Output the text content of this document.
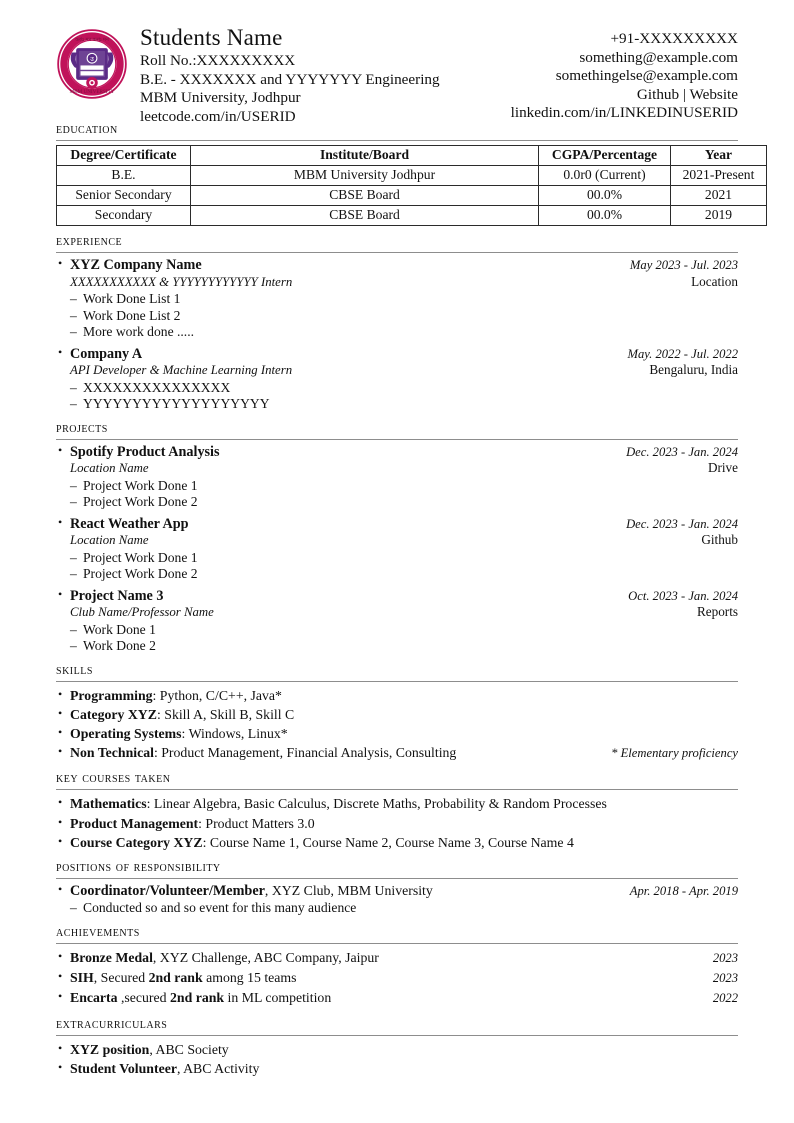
करե मन करե मन
MBM UNIVERSITY
उ
Students Name
Roll No.:XXXXXXXXX
B.E. - XXXXXXX and YYYYYYY Engineering
MBM University, Jodhpur
leetcode.com/in/USERID
+91-XXXXXXXXX
something@example.com
somethingelse@example.com
Github | Website
linkedin.com/in/LINKEDINUSERID
education
Degree/Certificate	Institute/Board	CGPA/Percentage	Year
B.E.	MBM University Jodhpur	0.0r0 (Current)	2021-Present
Senior Secondary	CBSE Board	00.0%	2021
Secondary	CBSE Board	00.0%	2019
experience
• XYZ Company Name	May 2023 - Jul. 2023
XXXXXXXXXXX & YYYYYYYYYYYY Intern	Location
– Work Done List 1
– Work Done List 2
– More work done .....
• Company A	May. 2022 - Jul. 2022
API Developer & Machine Learning Intern	Bengaluru, India
– XXXXXXXXXXXXXXX
– YYYYYYYYYYYYYYYYYYY
projects
• Spotify Product Analysis	Dec. 2023 - Jan. 2024
Location Name	Drive
– Project Work Done 1
– Project Work Done 2
• React Weather App	Dec. 2023 - Jan. 2024
Location Name	Github
– Project Work Done 1
– Project Work Done 2
• Project Name 3	Oct. 2023 - Jan. 2024
Club Name/Professor Name	Reports
– Work Done 1
– Work Done 2
skills
• Programming: Python, C/C++, Java*
• Category XYZ: Skill A, Skill B, Skill C
• Operating Systems: Windows, Linux*
• Non Technical: Product Management, Financial Analysis, Consulting	* Elementary proficiency
key courses taken
• Mathematics: Linear Algebra, Basic Calculus, Discrete Maths, Probability & Random Processes
• Product Management: Product Matters 3.0
• Course Category XYZ: Course Name 1, Course Name 2, Course Name 3, Course Name 4
positions of responsibility
• Coordinator/Volunteer/Member, XYZ Club, MBM University	Apr. 2018 - Apr. 2019
– Conducted so and so event for this many audience
achievements
• Bronze Medal, XYZ Challenge, ABC Company, Jaipur	2023
• SIH, Secured 2nd rank among 15 teams	2023
• Encarta ,secured 2nd rank in ML competition	2022
extracurriculars
• XYZ position, ABC Society
• Student Volunteer, ABC Activity
